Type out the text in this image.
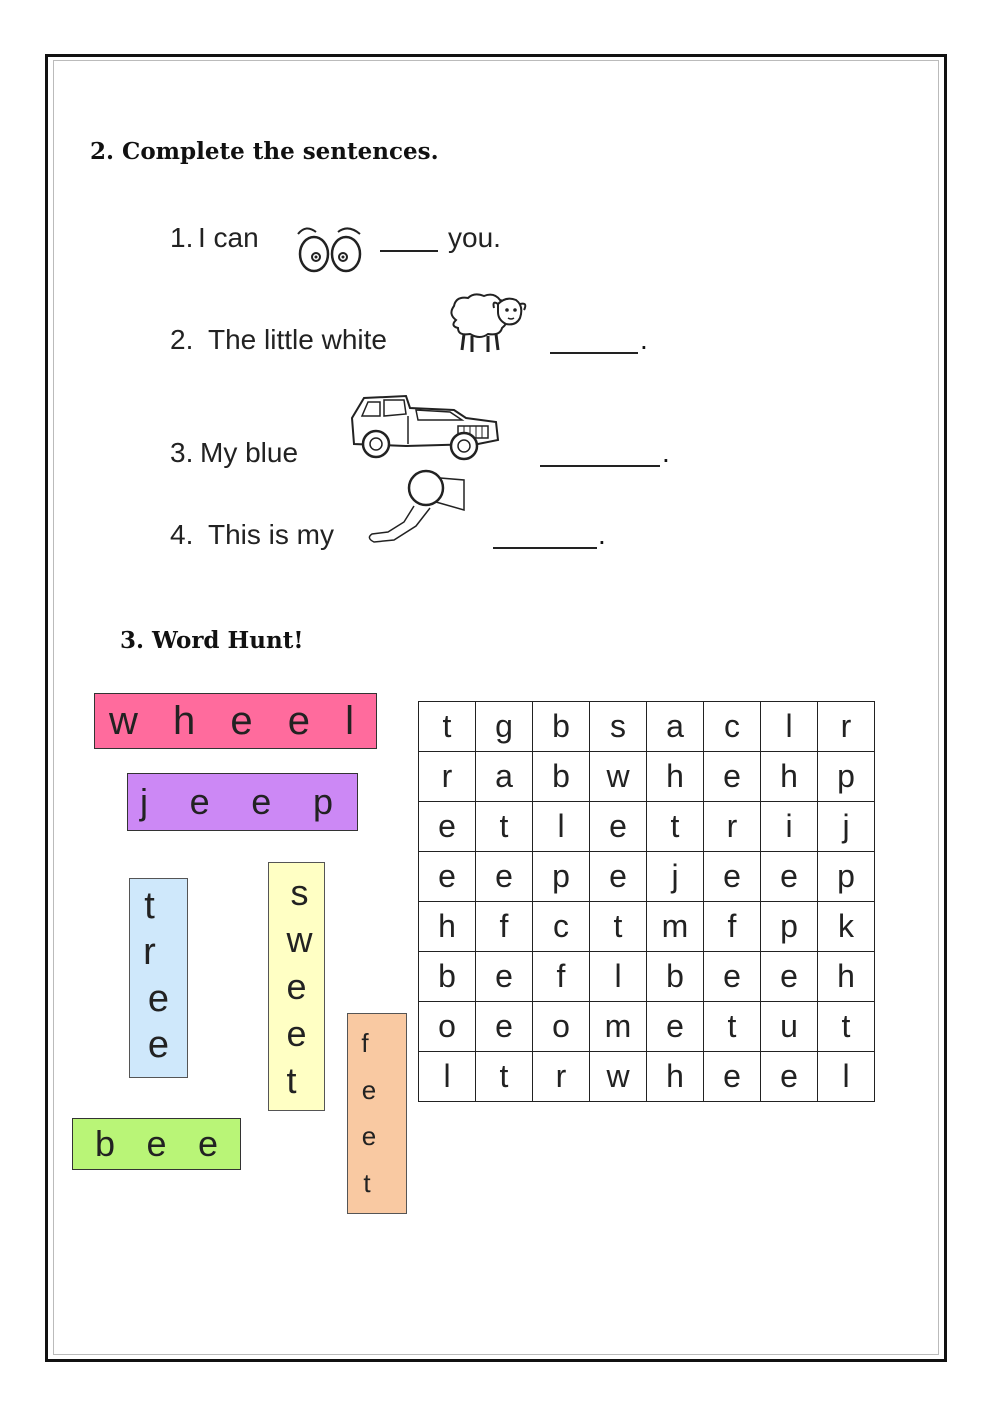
2. Complete the sentences.
1. I can	you.
2. The little white	.
3. My blue	.
4. This is my	.
3. Word Hunt!
w h e e l
j e e p
t
r
e
e
s
w
e
e
t
f
e
e
t
b e e
t	g	b	s	a	c	l	r
r	a	b	w	h	e	h	p
e	t	l	e	t	r	i	j
e	e	p	e	j	e	e	p
h	f	c	t	m	f	p	k
b	e	f	l	b	e	e	h
o	e	o	m	e	t	u	t
l	t	r	w	h	e	e	l
